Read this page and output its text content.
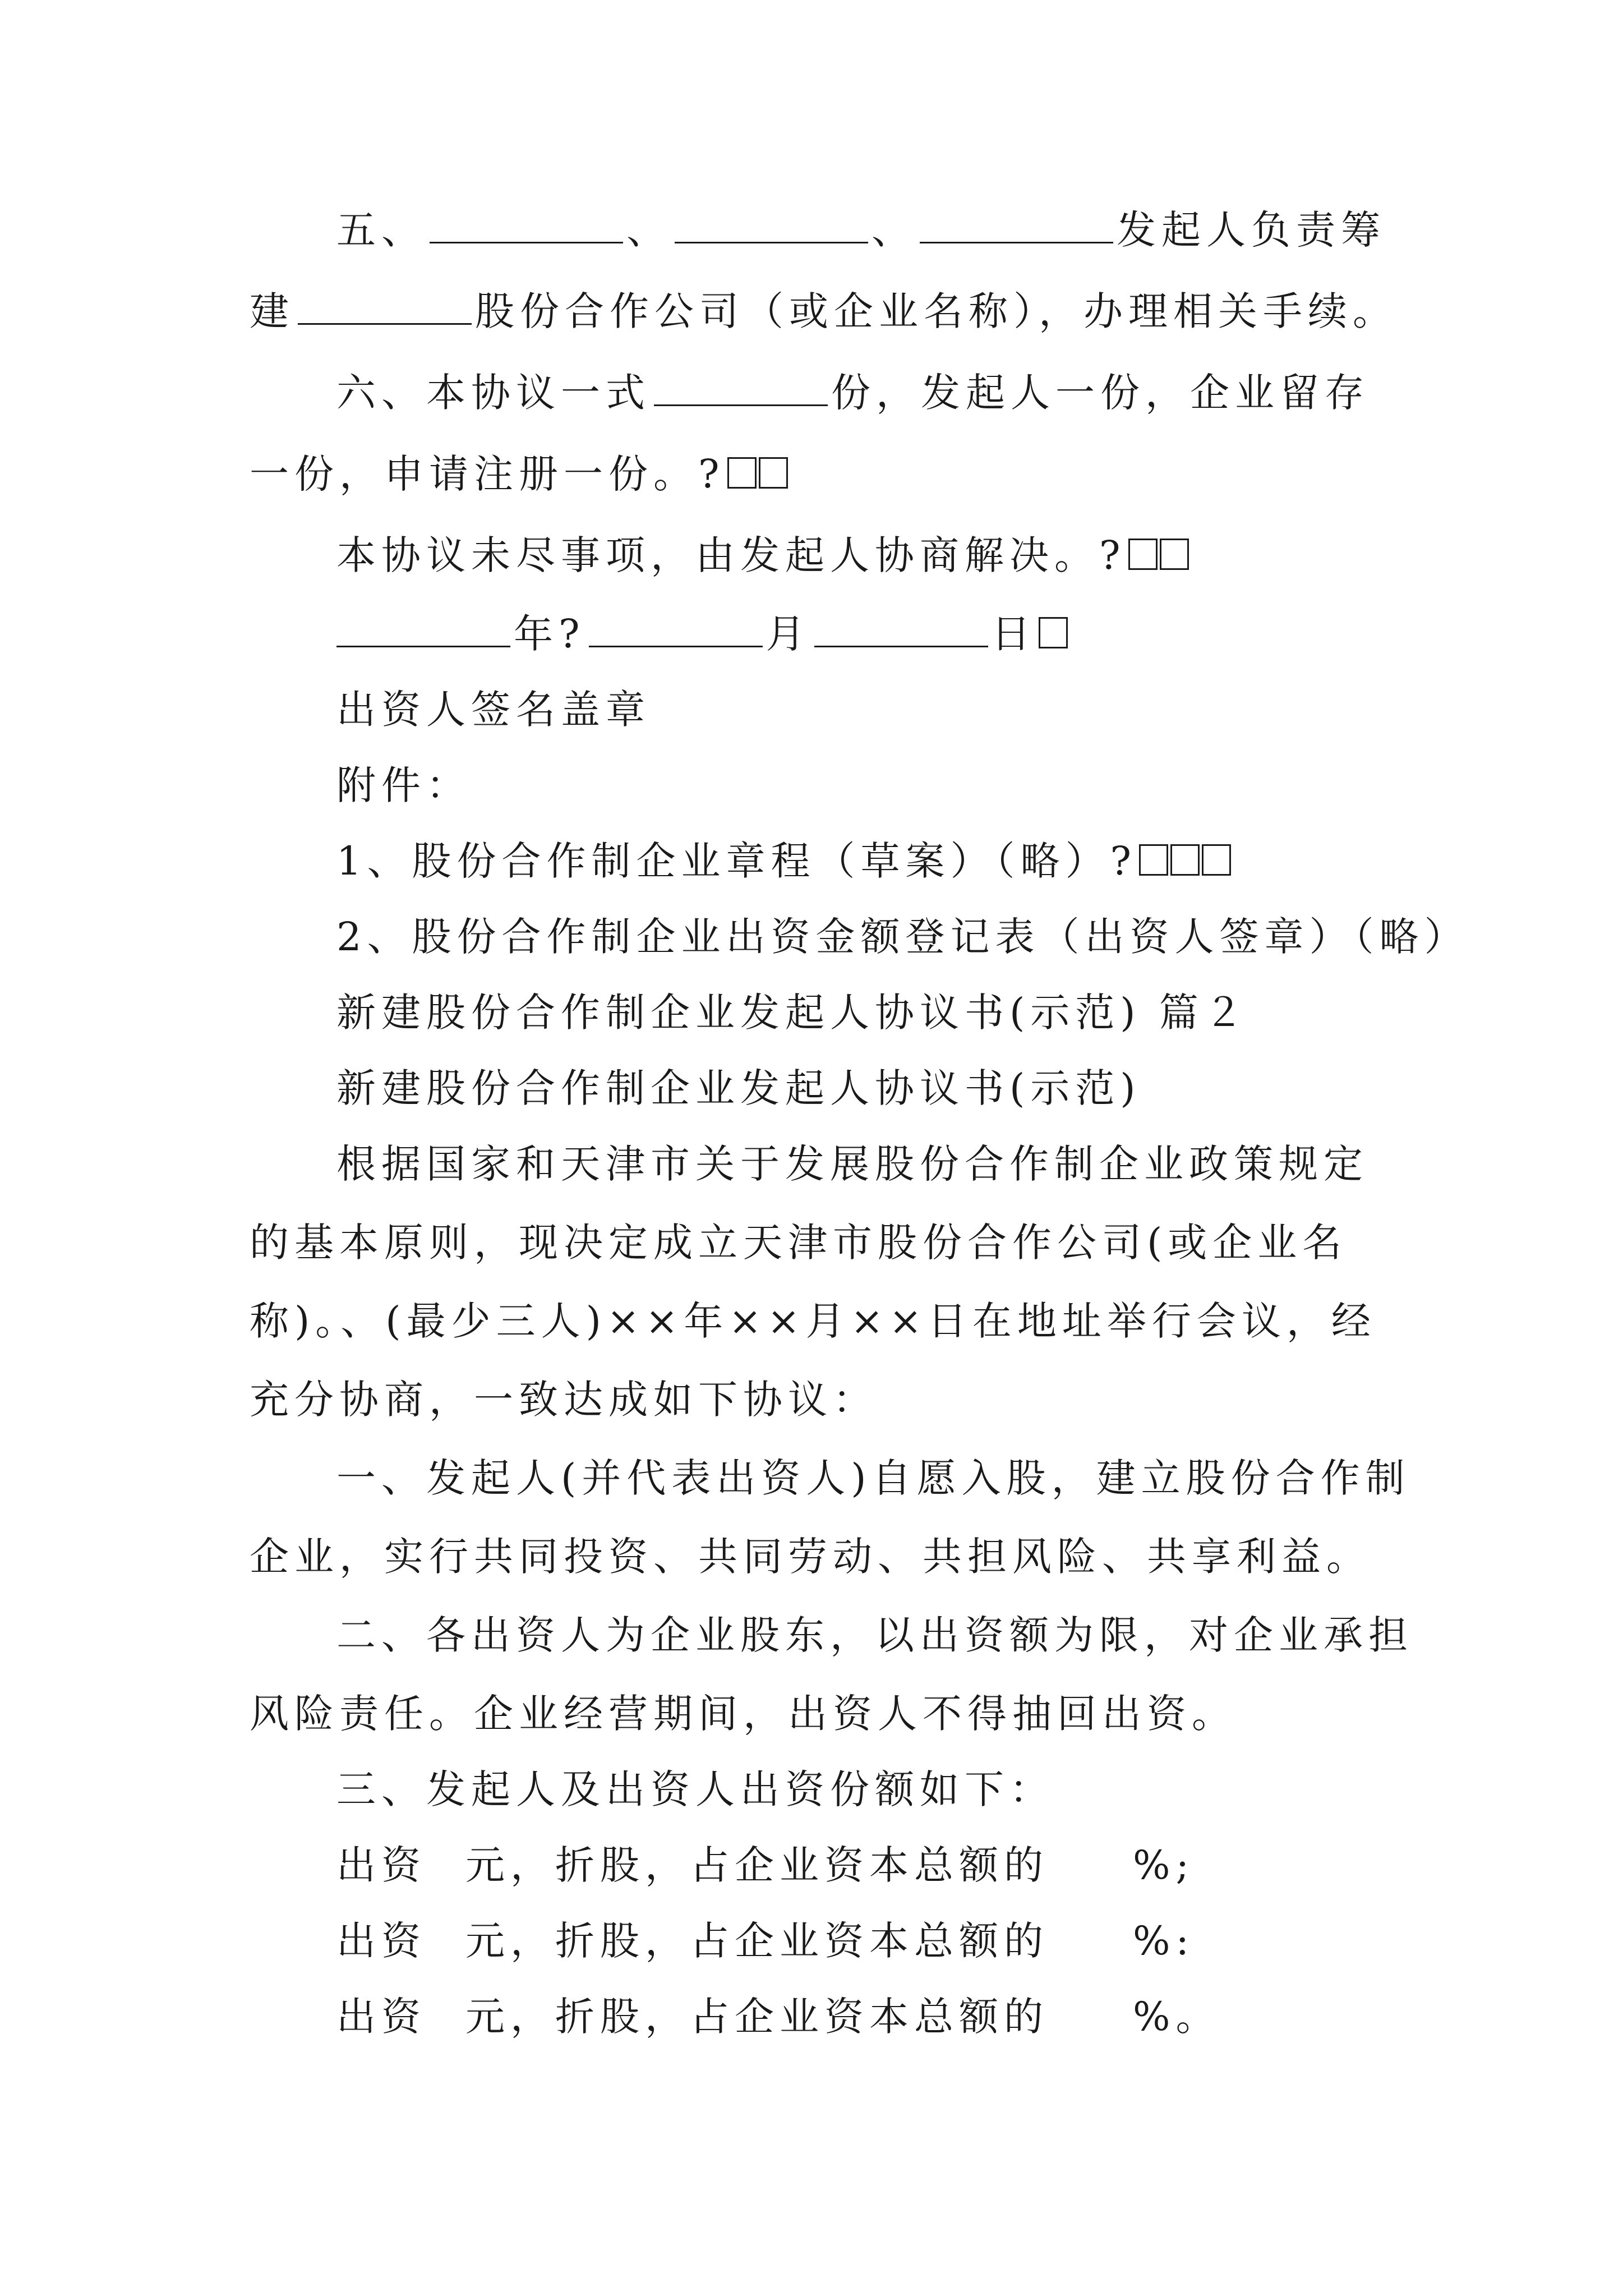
五、	、	、	发起人负责筹
建	股份合作公司（或企业名称），办理相关手续。
六、本协议一式	份，发起人一份，企业留存
一份，申请注册一份。?
本协议未尽事项，由发起人协商解决。?
年?	月	日
出资人签名盖章
附件：
1、股份合作制企业章程（草案）（略）?
2、股份合作制企业出资金额登记表（出资人签章）（略）
新建股份合作制企业发起人协议书(示范) 篇２
新建股份合作制企业发起人协议书(示范)
根据国家和天津市关于发展股份合作制企业政策规定
的基本原则，现决定成立天津市股份合作公司(或企业名
称)。、(最少三人)××年××月××日在地址举行会议，经
充分协商，一致达成如下协议：
一、发起人(并代表出资人)自愿入股，建立股份合作制
企业，实行共同投资、共同劳动、共担风险、共享利益。
二、各出资人为企业股东，以出资额为限，对企业承担
风险责任。企业经营期间，出资人不得抽回出资。
三、发起人及出资人出资份额如下：
出资 元，折股，占企业资本总额的 %;
出资 元，折股，占企业资本总额的 %:
出资 元，折股，占企业资本总额的 %。
